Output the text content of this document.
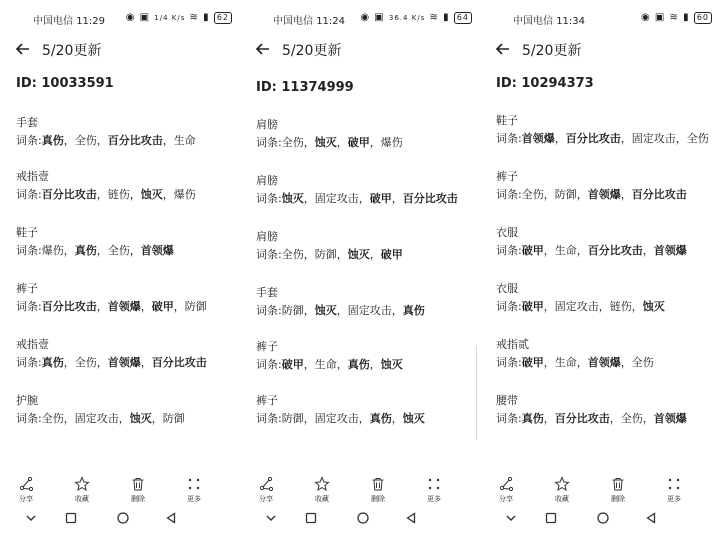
中国电信 11:29 ◉ ▣ 1/4 K/s ≋ ▮ 62
5/20更新
ID: 10033591
手套
词条:真伤，全伤，百分比攻击，生命
戒指壹
词条:百分比攻击，链伤，蚀灭，爆伤
鞋子
词条:爆伤，真伤，全伤，首领爆
裤子
词条:百分比攻击，首领爆，破甲，防御
戒指壹
词条:真伤，全伤，首领爆，百分比攻击
护腕
词条:全伤，固定攻击，蚀灭，防御
分享	收藏	删除	更多
中国电信 11:24 ◉ ▣ 36.4 K/s ≋ ▮ 64
5/20更新
ID: 11374999
肩膀
词条:全伤，蚀灭，破甲，爆伤
肩膀
词条:蚀灭，固定攻击，破甲，百分比攻击
肩膀
词条:全伤，防御，蚀灭，破甲
手套
词条:防御，蚀灭，固定攻击，真伤
裤子
词条:破甲，生命，真伤，蚀灭
裤子
词条:防御，固定攻击，真伤，蚀灭
分享	收藏	删除	更多
中国电信 11:34	◉ ▣ ≋ ▮ 60
5/20更新
ID: 10294373
鞋子
词条:首领爆，百分比攻击，固定攻击，全伤
裤子
词条:全伤，防御，首领爆，百分比攻击
衣服
词条:破甲，生命，百分比攻击，首领爆
衣服
词条:破甲，固定攻击，链伤，蚀灭
戒指贰
词条:破甲，生命，首领爆，全伤
腰带
词条:真伤，百分比攻击，全伤，首领爆
分享	收藏	删除	更多
